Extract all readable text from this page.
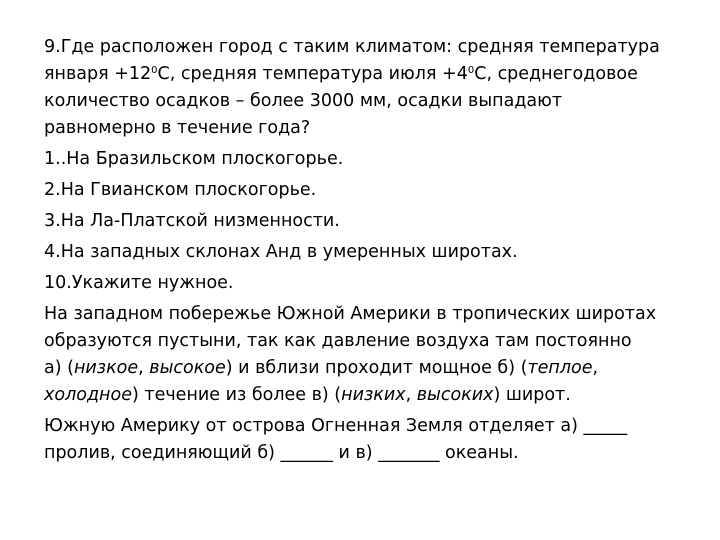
9.Где расположен город с таким климатом: средняя температура
января $+12^0С$, средняя температура июля $+4^0С$, среднегодовое
количество осадков – более 3000 мм, осадки выпадают
равномерно в течение года?

1..На Бразильском плоскогорье.

2.На Гвианском плоскогорье.

3.На Ла-Платской низменности.

4.На западных склонах Анд в умеренных широтах.

10.Укажите нужное.

На западном побережье Южной Америки в тропических широтах
образуются пустыни, так как давление воздуха там постоянно
а) (низкое, высокое) и вблизи проходит мощное б) (теплое,
холодное) течение из более в) (низких, высоких) широт.

Южную Америку от острова Огненная Земля отделяет а) _____
пролив, соединяющий б) ______ и в) _______ океаны.
